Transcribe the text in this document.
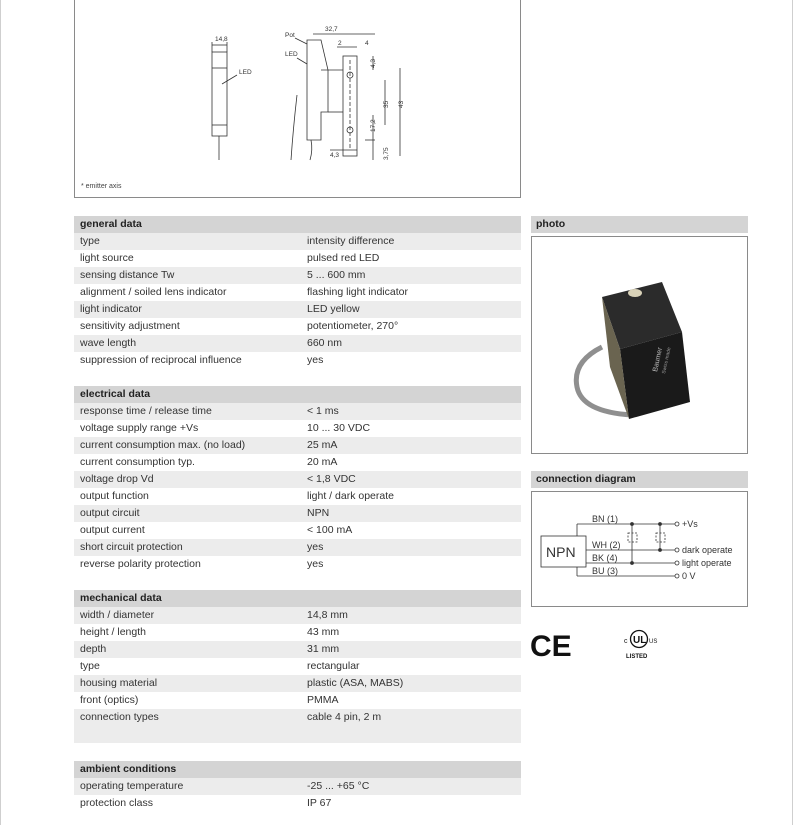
14,8
LED
Pot
LED
32,7
2	4
4,3
4,3
35 43
17,2
3,75
* emitter axis
general data
type	intensity difference
light source	pulsed red LED
sensing distance Tw	5 ... 600 mm
alignment / soiled lens indicator	flashing light indicator
light indicator	LED yellow
sensitivity adjustment	potentiometer, 270°
wave length	660 nm
suppression of reciprocal influence	yes
electrical data
response time / release time	< 1 ms
voltage supply range +Vs	10 ... 30 VDC
current consumption max. (no load)	25 mA
current consumption typ.	20 mA
voltage drop Vd	< 1,8 VDC
output function	light / dark operate
output circuit	NPN
output current	< 100 mA
short circuit protection	yes
reverse polarity protection	yes
mechanical data
width / diameter	14,8 mm
height / length	43 mm
depth	31 mm
type	rectangular
housing material	plastic (ASA, MABS)
front (optics)	PMMA
connection types	cable 4 pin, 2 m
ambient conditions
operating temperature	-25 ... +65 °C
protection class	IP 67
photo
Baumer
Swiss made
connection diagram
NPN
BN (1)
WH (2)
BK (4)
BU (3)
+Vs
dark operate
light operate
0 V
CE	UL
c	US
LISTED
